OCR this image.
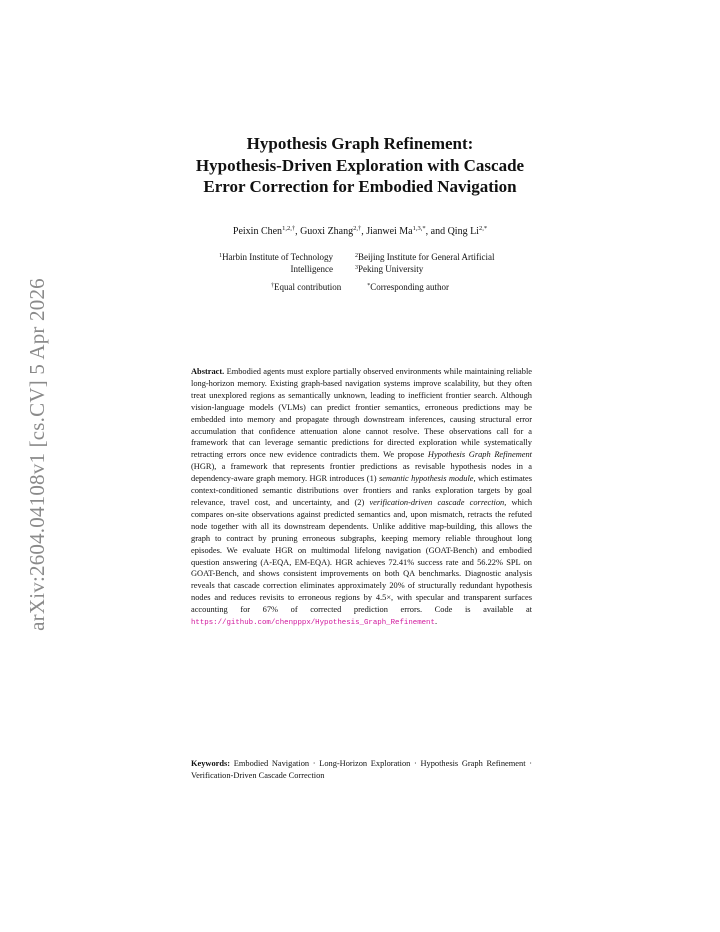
arXiv:2604.04108v1 [cs.CV] 5 Apr 2026
Hypothesis Graph Refinement:
Hypothesis-Driven Exploration with Cascade
Error Correction for Embodied Navigation
Peixin Chen$^{1,2,\dagger}$, Guoxi Zhang$^{2,\dagger}$, Jianwei $Ma^{1,3,*}$, and Qing $Li^{2,*}$
$^1$Harbin Institute of Technology
Intelligence
$^2$Beijing Institute for General Artificial
$^3$Peking University
†Equal contribution	*Corresponding author
Abstract. Embodied agents must explore partially observed environments while maintaining reliable long-horizon memory. Existing graph-based navigation systems improve scalability, but they often treat unexplored regions as semantically unknown, leading to inefficient frontier search. Although vision-language models (VLMs) can predict frontier semantics, erroneous predictions may be embedded into memory and propagate through downstream inferences, causing structural error accumulation that confidence attenuation alone cannot resolve. These observations call for a framework that can leverage semantic predictions for directed exploration while systematically retracting errors once new evidence contradicts them. We propose Hypothesis Graph Refinement (HGR), a framework that represents frontier predictions as revisable hypothesis nodes in a dependency-aware graph memory. HGR introduces (1) semantic hypothesis module, which estimates context-conditioned semantic distributions over frontiers and ranks exploration targets by goal relevance, travel cost, and uncertainty, and (2) verification-driven cascade correction, which compares on-site observations against predicted semantics and, upon mismatch, retracts the refuted node together with all its downstream dependents. Unlike additive map-building, this allows the graph to contract by pruning erroneous subgraphs, keeping memory reliable throughout long episodes. We evaluate HGR on multimodal lifelong navigation (GOAT-Bench) and embodied question answering (A-EQA, EM-EQA). HGR achieves 72.41% success rate and 56.22% SPL on GOAT-Bench, and shows consistent improvements on both QA benchmarks. Diagnostic analysis reveals that cascade correction eliminates approximately 20% of structurally redundant hypothesis nodes and reduces revisits to erroneous regions by 4.5×, with specular and transparent surfaces accounting for 67% of corrected prediction errors. Code is available at https://github.com/chenpppx/Hypothesis_Graph_Refinement.
Keywords: Embodied Navigation · Long-Horizon Exploration · Hypothesis Graph Refinement · Verification-Driven Cascade Correction
